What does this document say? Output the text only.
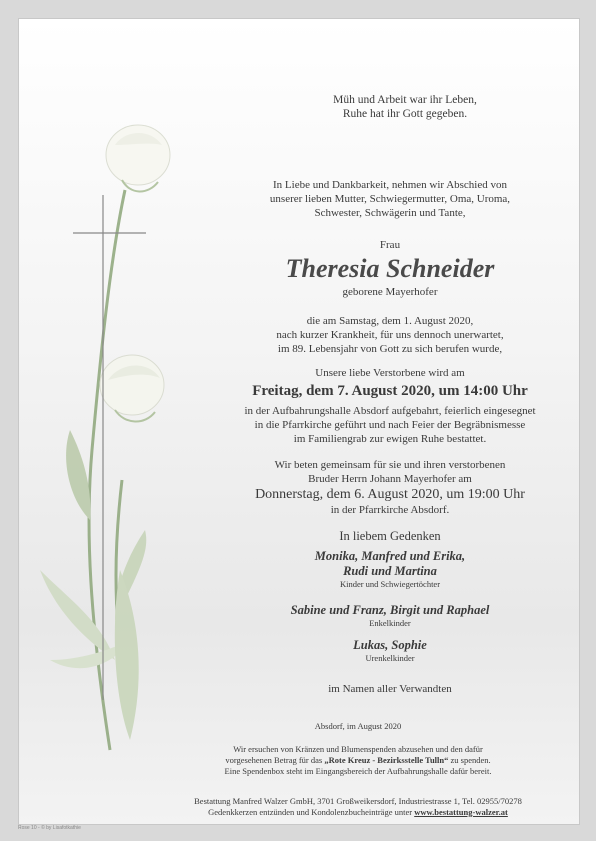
Müh und Arbeit war ihr Leben,
Ruhe hat ihr Gott gegeben.
In Liebe und Dankbarkeit, nehmen wir Abschied von
unserer lieben Mutter, Schwiegermutter, Oma, Uroma,
Schwester, Schwägerin und Tante,
Frau
Theresia Schneider
geborene Mayerhofer
die am Samstag, dem 1. August 2020,
nach kurzer Krankheit, für uns dennoch unerwartet,
im 89. Lebensjahr von Gott zu sich berufen wurde,
Unsere liebe Verstorbene wird am
Freitag, dem 7. August 2020, um 14:00 Uhr
in der Aufbahrungshalle Absdorf aufgebahrt, feierlich eingesegnet
in die Pfarrkirche geführt und nach Feier der Begräbnismesse
im Familiengrab zur ewigen Ruhe bestattet.
Wir beten gemeinsam für sie und ihren verstorbenen
Bruder Herrn Johann Mayerhofer am
Donnerstag, dem 6. August 2020, um 19:00 Uhr
in der Pfarrkirche Absdorf.
In liebem Gedenken
Monika, Manfred und Erika,
Rudi und Martina
Kinder und Schwiegertöchter
Sabine und Franz, Birgit und Raphael
Enkelkinder
Lukas, Sophie
Urenkelkinder
im Namen aller Verwandten
Absdorf, im August 2020
Wir ersuchen von Kränzen und Blumenspenden abzusehen und den dafür
vorgesehenen Betrag für das „Rote Kreuz - Bezirksstelle Tulln“ zu spenden.
Eine Spendenbox steht im Eingangsbereich der Aufbahrungshalle dafür bereit.
Bestattung Manfred Walzer GmbH, 3701 Großweikersdorf, Industriestrasse 1, Tel. 02955/70278
Gedenkkerzen entzünden und Kondolenzbucheinträge unter www.bestattung-walzer.at
Rose 10 - © by Lisafotkathie
